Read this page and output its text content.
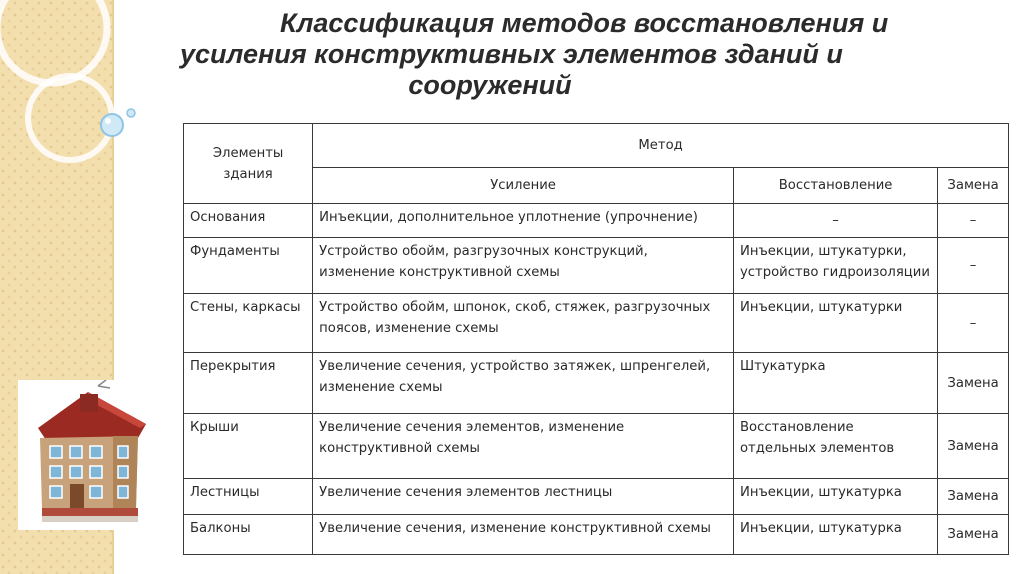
Классификация методов восстановления и
усиления конструктивных элементов зданий и
сооружений
Элементы здания	Метод		
	Усиление	Восстановление	Замена
Основания	Инъекции, дополнительное уплотнение (упрочнение)	–	–
Фундаменты	Устройство обойм, разгрузочных конструкций, изменение конструктивной схемы	Инъекции, штукатурки, устройство гидроизоляции	–
Стены, каркасы	Устройство обойм, шпонок, скоб, стяжек, разгрузочных поясов, изменение схемы	Инъекции, штукатурки	–
Перекрытия	Увеличение сечения, устройство затяжек, шпренгелей, изменение схемы	Штукатурка	Замена
Крыши	Увеличение сечения элементов, изменение конструктивной схемы	Восстановление отдельных элементов	Замена
Лестницы	Увеличение сечения элементов лестницы	Инъекции, штукатурка	Замена
Балконы	Увеличение сечения, изменение конструктивной схемы	Инъекции, штукатурка	Замена
